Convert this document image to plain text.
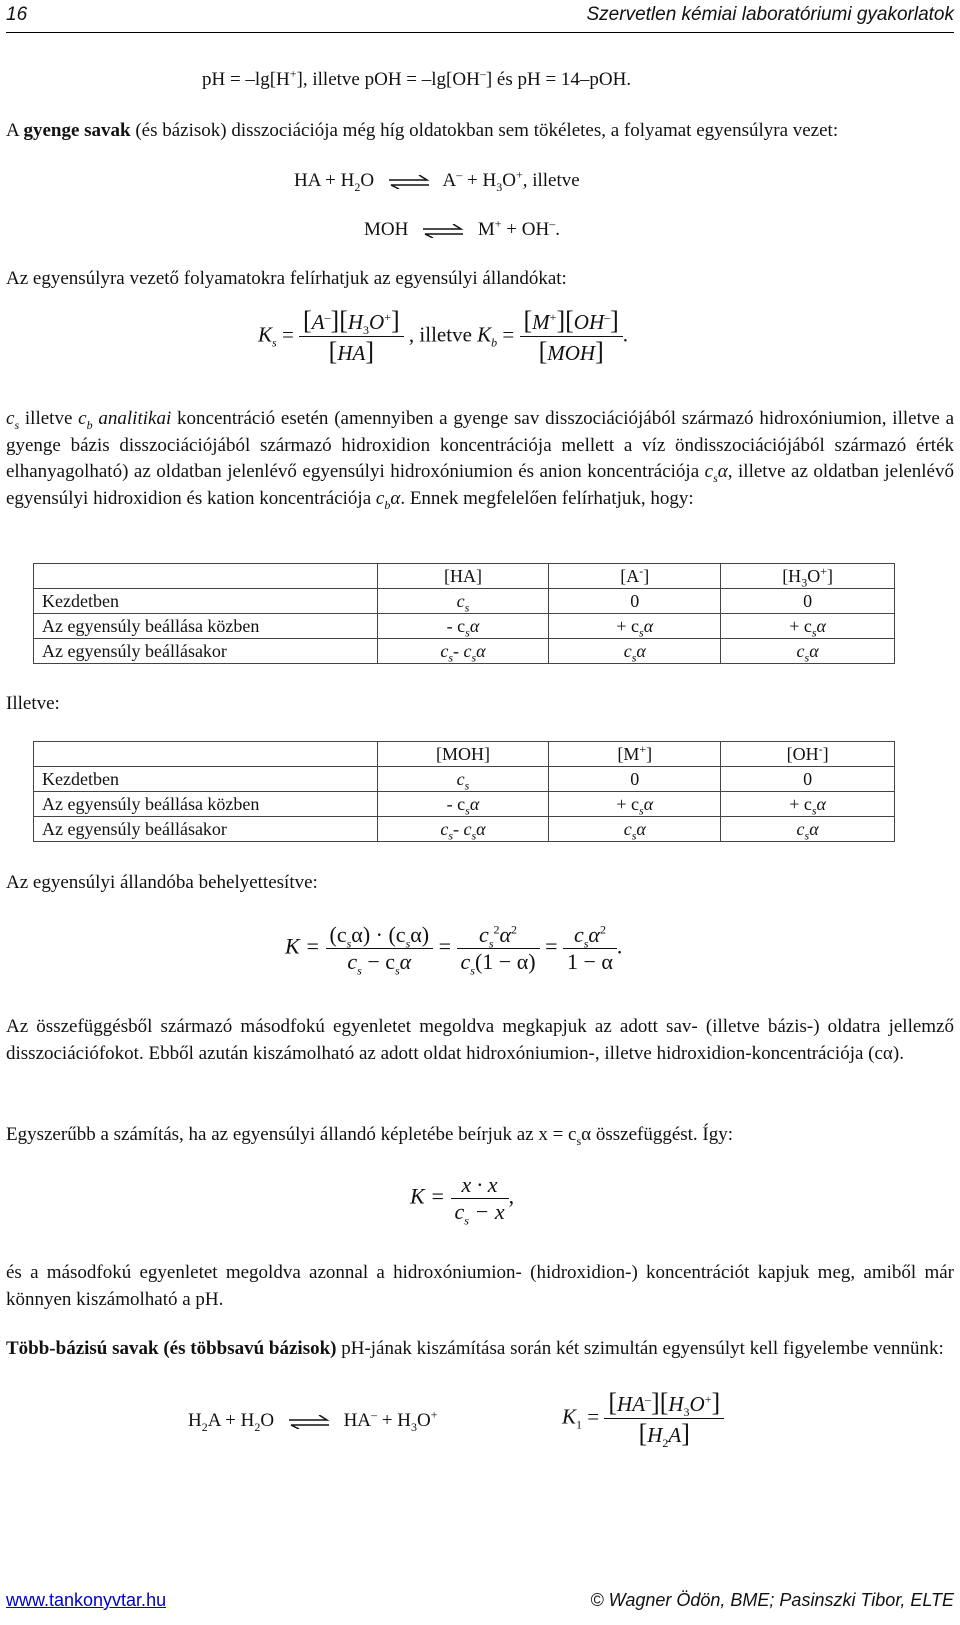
16	Szervetlen kémiai laboratóriumi gyakorlatok
pH = –lg[H+], illetve pOH = –lg[OH–] és pH = 14–pOH.
A gyenge savak (és bázisok) disszociációja még híg oldatokban sem tökéletes, a folyamat egyensúlyra vezet:
HA + $H_2O$ ⇌ $A^- + H_3O^+$, illetve
MOH ⇌ M+ + OH–.
Az egyensúlyra vezető folyamatokra felírhatjuk az egyensúlyi állandókat:
$K_s = \frac{[A^-][H_3O^+]}{[HA]}$ , illetve $K_b = \frac{[M^+][OH^-]}{\text{[MOH]}}$ .
$c_s$ illetve $c_b$ analitikai koncentráció esetén (amennyiben a gyenge sav disszociációjából származó hidroxóniumion, illetve a gyenge bázis disszociációjából származó hidroxidion koncentrációja mellett a víz öndisszociációjából származó érték elhanyagolható) az oldatban jelenlévő egyensúlyi hidroxóniumion és anion koncentrációja $c_s\alpha$, illetve az oldatban jelenlévő egyensúlyi hidroxidion és kation koncentrációja $c_b\alpha$. Ennek megfelelően felírhatjuk, hogy:
	[HA]	[A-]	$[H_3O^+]$
Kezdetben	$c_s$	0	0
Az egyensúly beállása közben	- $c_s\alpha$	+ $c_s\alpha$	+ $c_s\alpha$
Az egyensúly beállásakor	$c_s-$ $c_s\alpha$	$c_s\alpha$	$c_s\alpha$
Illetve:
	[MOH]	[M+]	[OH-]
Kezdetben	$c_s$	0	0
Az egyensúly beállása közben	- $c_s\alpha$	+ $c_s\alpha$	+ $c_s\alpha$
Az egyensúly beállásakor	$c_s-$ $c_s\alpha$	$c_s\alpha$	$c_s\alpha$
Az egyensúlyi állandóba behelyettesítve:
$K = \frac{(c_s\alpha) \cdot (c_s\alpha)}{c_s - c_s\alpha} = \frac{c_s^2\alpha^2}{c_s(1 - \alpha)} = \frac{c_s\alpha^2}{1 - \alpha}$ .
Az összefüggésből származó másodfokú egyenletet megoldva megkapjuk az adott sav- (illetve bázis-) oldatra jellemző disszociációfokot. Ebből azután kiszámolható az adott oldat hidroxóniumion-, illetve hidroxidion-koncentrációja (cα).
Egyszerűbb a számítás, ha az egyensúlyi állandó képletébe beírjuk az $x = c_s\alpha$ összefüggést. Így:
$K = \frac{x \cdot x}{c_s - x}$ ,
és a másodfokú egyenletet megoldva azonnal a hidroxóniumion- (hidroxidion-) koncentrációt kapjuk meg, amiből már könnyen kiszámolható a pH.
Több-bázisú savak (és többsavú bázisok) pH-jának kiszámítása során két szimultán egyensúlyt kell figyelembe vennünk:
$H_2A + H_2O$ ⇌ $HA^- + H_3O^+$	$K_1 = \frac{[HA^-][H_3O^+]}{[H_2A]}$
www.tankonyvtar.hu	© Wagner Ödön, BME; Pasinszki Tibor, ELTE
